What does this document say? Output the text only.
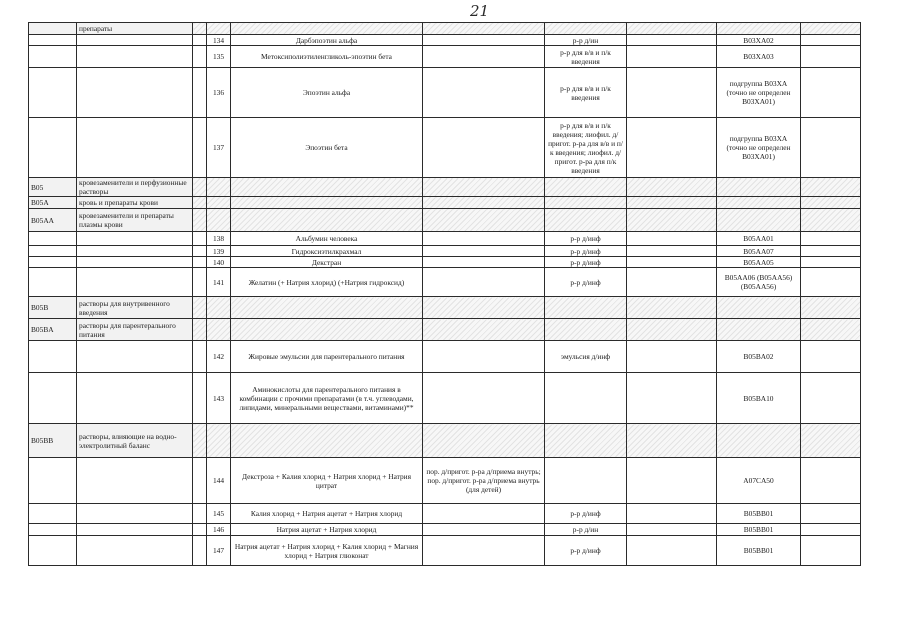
21
	препараты								
			134	Дарбэпоэтин альфа		р-р д/ин		B03XA02	
			135	Метоксиполиэтиленгликоль-эпоэтин бета		р-р для в/в и п/к введения		B03XA03	
			136	Эпоэтин альфа		р-р для в/в и п/к введения		подгруппа B03XA (точно не определен B03XA01)	
			137	Эпоэтин бета		р-р для в/в и п/к введения; лиофил. д/пригот. р-ра для в/в и п/к введения; лиофил. д/пригот. р-ра для п/к введения		подгруппа B03XA (точно не определен B03XA01)	
B05	кровезаменители и перфузионные растворы								
B05A	кровь и препараты крови								
B05AA	кровезаменители и препараты плазмы крови								
			138	Альбумин человека		р-р д/инф		B05AA01	
			139	Гидроксиэтилкрахмал		р-р д/инф		B05AA07	
			140	Декстран		р-р д/инф		B05AA05	
			141	Желатин (+ Натрия хлорид) (+Натрия гидроксид)		р-р д/инф		B05AA06 (B05AA56) (B05AA56)	
B05B	растворы для внутривенного введения								
B05BA	растворы для парентерального питания								
			142	Жировые эмульсии для парентерального питания		эмульсия д/инф		B05BA02	
			143	Аминокислоты для парентерального питания в комбинации с прочими препаратами (в т.ч. углеводами, липидами, минеральными веществами, витаминами)**				B05BA10	
B05BB	растворы, влияющие на водно-электролитный баланс								
			144	Декстроза + Калия хлорид + Натрия хлорид + Натрия цитрат	пор. д/пригот. р-ра д/приема внутрь; пор. д/пригот. р-ра д/приема внутрь (для детей)			A07CA50	
			145	Калия хлорид + Натрия ацетат + Натрия хлорид		р-р д/инф		B05BB01	
			146	Натрия ацетат + Натрия хлорид		р-р д/ин		B05BB01	
			147	Натрия ацетат + Натрия хлорид + Калия хлорид + Магния хлорид + Натрия глюконат		р-р д/инф		B05BB01	
